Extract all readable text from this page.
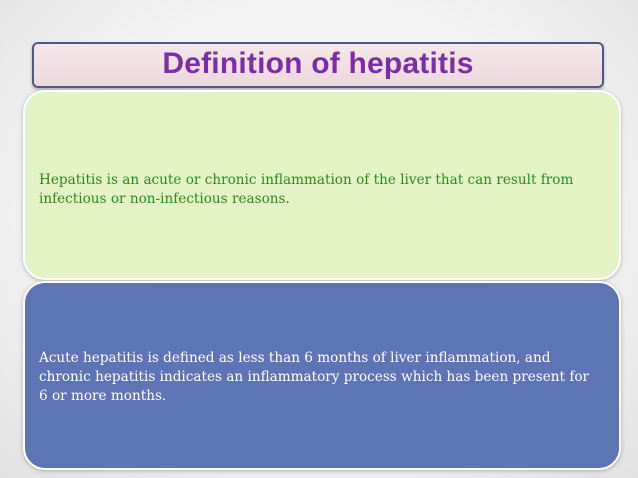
Definition of hepatitis
Hepatitis is an acute or chronic inflammation of the liver that can result from infectious or non-infectious reasons.
Acute hepatitis is defined as less than 6 months of liver inflammation, and chronic hepatitis indicates an inflammatory process which has been present for 6 or more months.
